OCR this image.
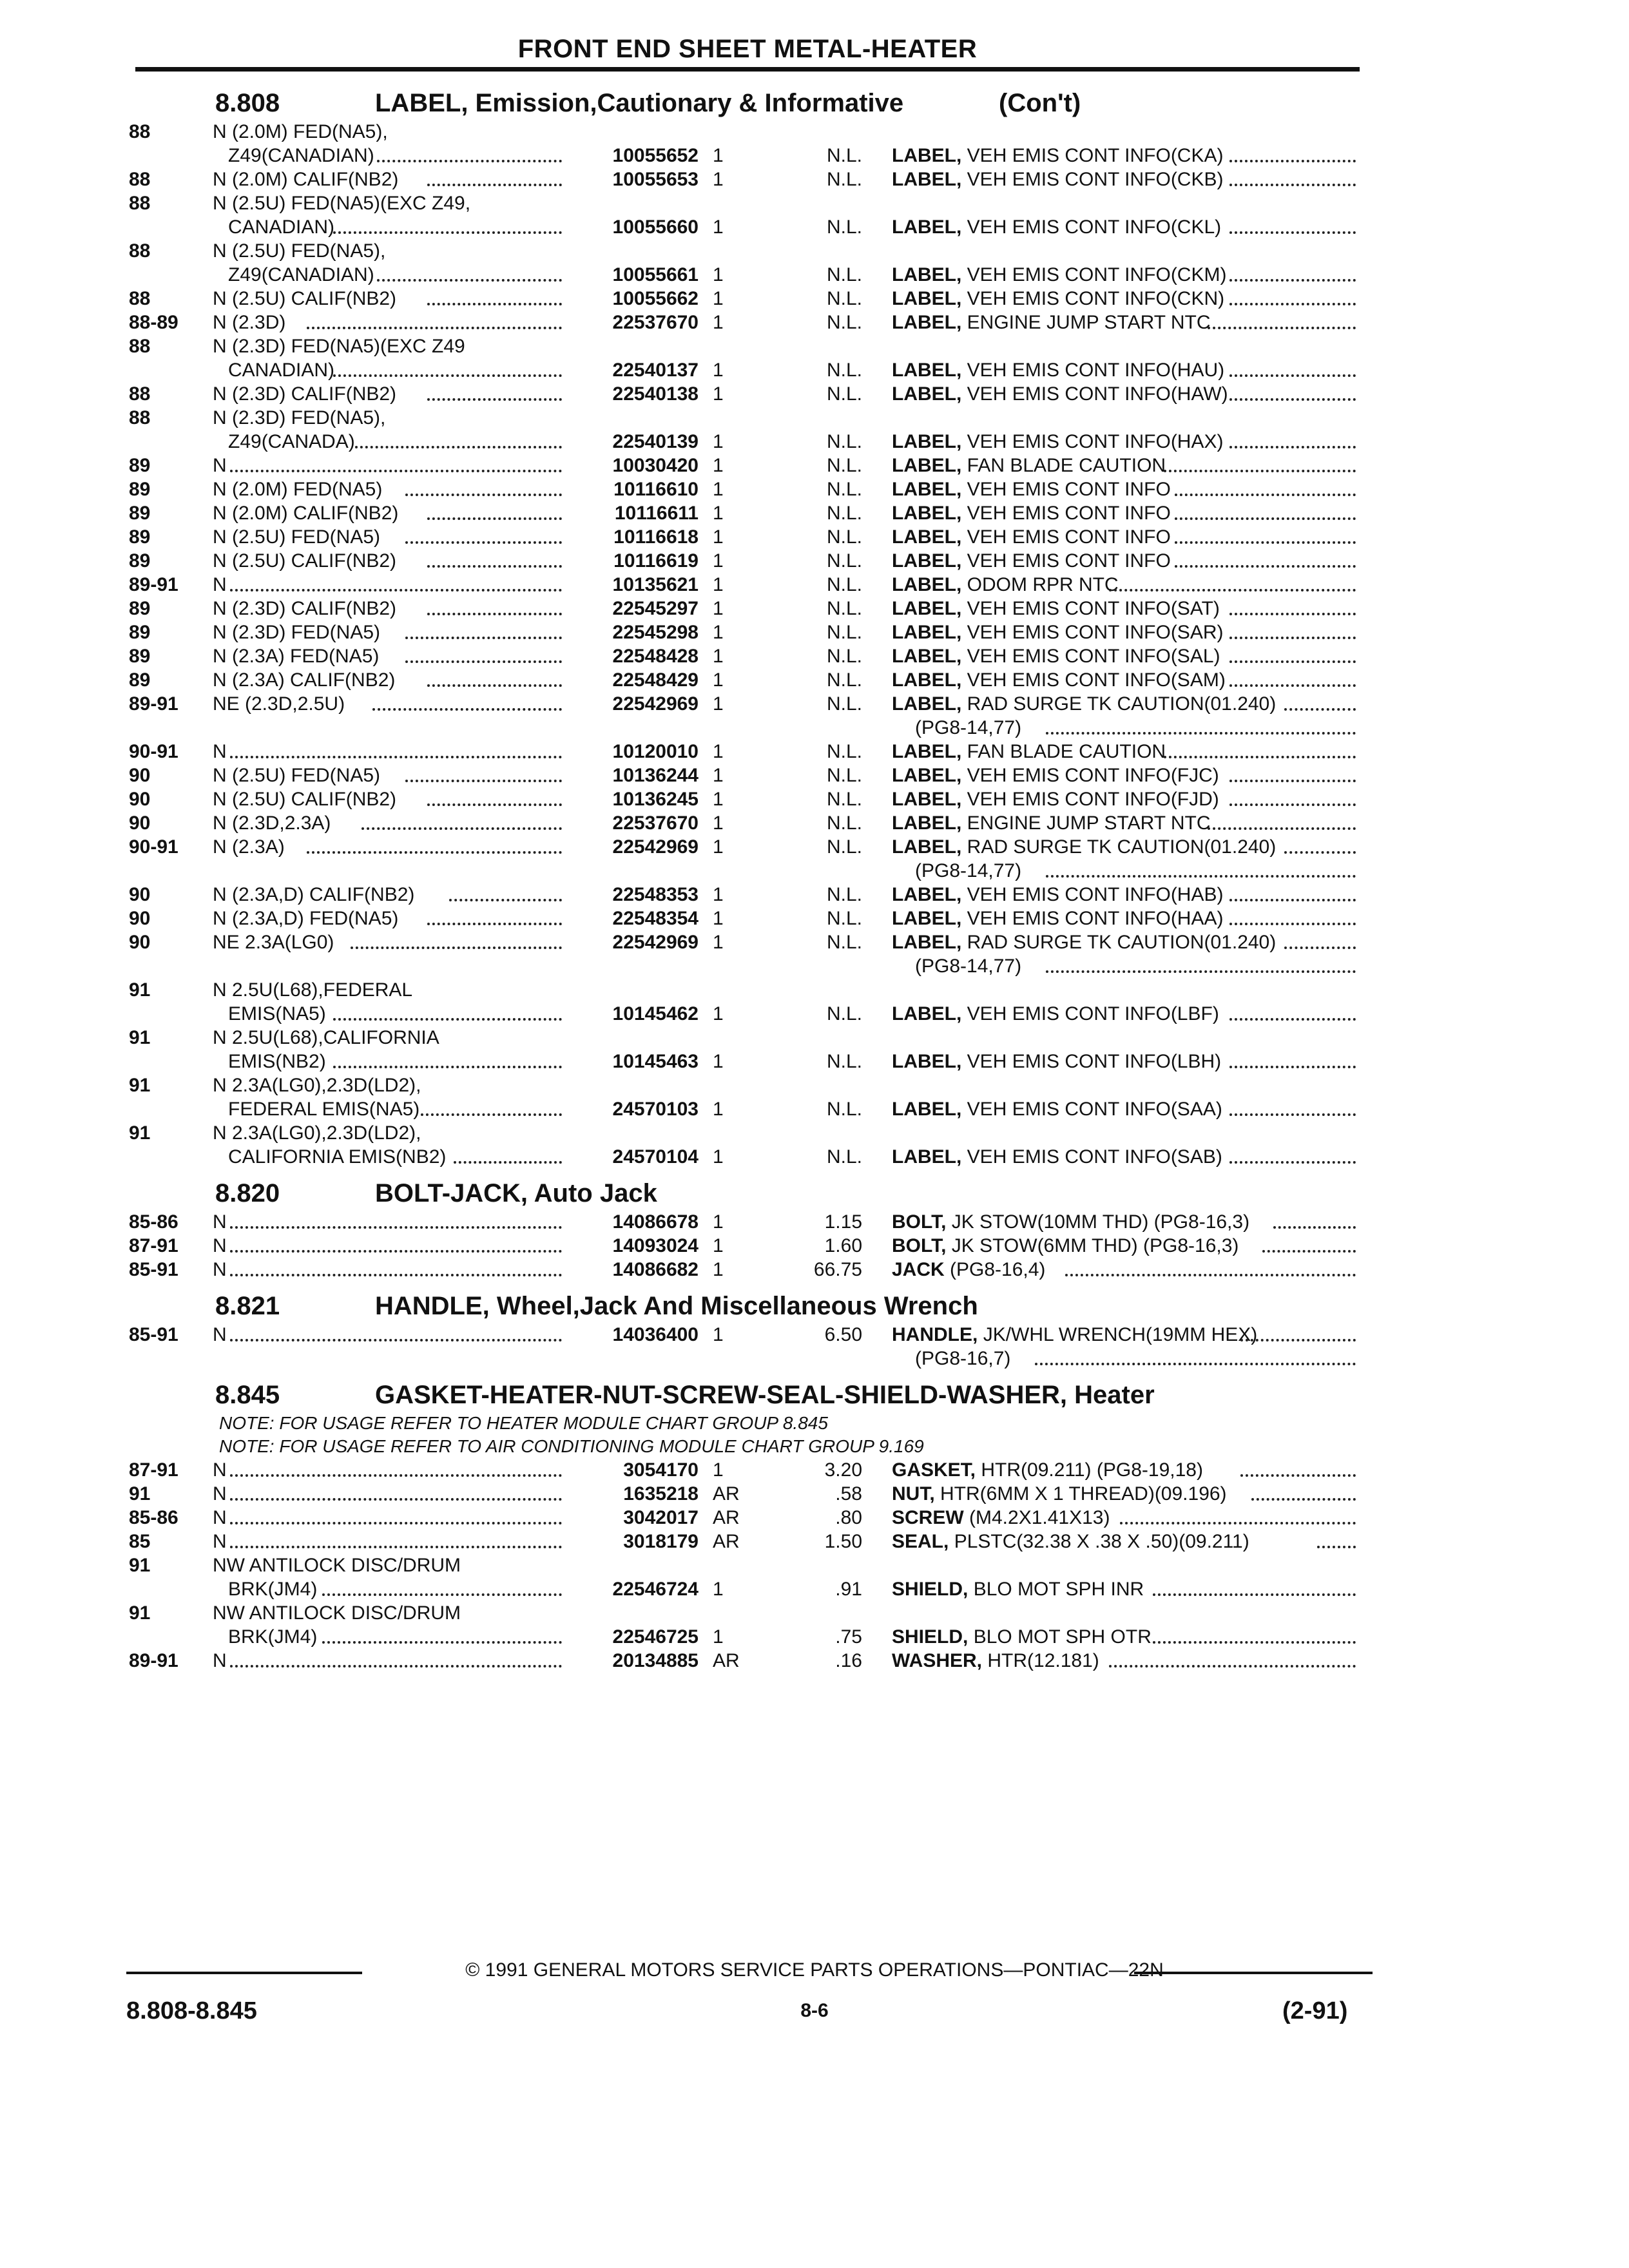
FRONT END SHEET METAL-HEATER
8.808	LABEL, Emission,Cautionary & Informative	(Con't)
88	N (2.0M) FED(NA5),
Z49(CANADIAN)	10055652 1	N.L. LABEL, VEH EMIS CONT INFO(CKA)
88	N (2.0M) CALIF(NB2)	10055653 1	N.L. LABEL, VEH EMIS CONT INFO(CKB)
88	N (2.5U) FED(NA5)(EXC Z49,
CANADIAN)	10055660 1	N.L. LABEL, VEH EMIS CONT INFO(CKL)
88	N (2.5U) FED(NA5),
Z49(CANADIAN)	10055661 1	N.L. LABEL, VEH EMIS CONT INFO(CKM)
88	N (2.5U) CALIF(NB2)	10055662 1	N.L. LABEL, VEH EMIS CONT INFO(CKN)
88-89 N (2.3D)	22537670 1	N.L. LABEL, ENGINE JUMP START NTC
88	N (2.3D) FED(NA5)(EXC Z49
CANADIAN)	22540137 1	N.L. LABEL, VEH EMIS CONT INFO(HAU)
88	N (2.3D) CALIF(NB2)	22540138 1	N.L. LABEL, VEH EMIS CONT INFO(HAW)
88	N (2.3D) FED(NA5),
Z49(CANADA)	22540139 1	N.L. LABEL, VEH EMIS CONT INFO(HAX)
89	N	10030420 1	N.L. LABEL, FAN BLADE CAUTION
89	N (2.0M) FED(NA5)	10116610 1	N.L. LABEL, VEH EMIS CONT INFO
89	N (2.0M) CALIF(NB2)	10116611 1	N.L. LABEL, VEH EMIS CONT INFO
89	N (2.5U) FED(NA5)	10116618 1	N.L. LABEL, VEH EMIS CONT INFO
89	N (2.5U) CALIF(NB2)	10116619 1	N.L. LABEL, VEH EMIS CONT INFO
89-91 N	10135621 1	N.L. LABEL, ODOM RPR NTC
89	N (2.3D) CALIF(NB2)	22545297 1	N.L. LABEL, VEH EMIS CONT INFO(SAT)
89	N (2.3D) FED(NA5)	22545298 1	N.L. LABEL, VEH EMIS CONT INFO(SAR)
89	N (2.3A) FED(NA5)	22548428 1	N.L. LABEL, VEH EMIS CONT INFO(SAL)
89	N (2.3A) CALIF(NB2)	22548429 1	N.L. LABEL, VEH EMIS CONT INFO(SAM)
89-91 NE (2.3D,2.5U)	22542969 1	N.L. LABEL, RAD SURGE TK CAUTION(01.240)
(PG8-14,77)
90-91 N	10120010 1	N.L. LABEL, FAN BLADE CAUTION
90	N (2.5U) FED(NA5)	10136244 1	N.L. LABEL, VEH EMIS CONT INFO(FJC)
90	N (2.5U) CALIF(NB2)	10136245 1	N.L. LABEL, VEH EMIS CONT INFO(FJD)
90	N (2.3D,2.3A)	22537670 1	N.L. LABEL, ENGINE JUMP START NTC
90-91 N (2.3A)	22542969 1	N.L. LABEL, RAD SURGE TK CAUTION(01.240)
(PG8-14,77)
90	N (2.3A,D) CALIF(NB2)	22548353 1	N.L. LABEL, VEH EMIS CONT INFO(HAB)
90	N (2.3A,D) FED(NA5)	22548354 1	N.L. LABEL, VEH EMIS CONT INFO(HAA)
90	NE 2.3A(LG0)	22542969 1	N.L. LABEL, RAD SURGE TK CAUTION(01.240)
(PG8-14,77)
91	N 2.5U(L68),FEDERAL
EMIS(NA5)	10145462 1	N.L. LABEL, VEH EMIS CONT INFO(LBF)
91	N 2.5U(L68),CALIFORNIA
EMIS(NB2)	10145463 1	N.L. LABEL, VEH EMIS CONT INFO(LBH)
91	N 2.3A(LG0),2.3D(LD2),
FEDERAL EMIS(NA5)	24570103 1	N.L. LABEL, VEH EMIS CONT INFO(SAA)
91	N 2.3A(LG0),2.3D(LD2),
CALIFORNIA EMIS(NB2)	24570104 1	N.L. LABEL, VEH EMIS CONT INFO(SAB)
8.820	BOLT-JACK, Auto Jack
85-86 N	14086678 1	1.15 BOLT, JK STOW(10MM THD) (PG8-16,3)
87-91 N	14093024 1	1.60 BOLT, JK STOW(6MM THD) (PG8-16,3)
85-91 N	14086682 1	66.75 JACK (PG8-16,4)
8.821	HANDLE, Wheel,Jack And Miscellaneous Wrench
85-91 N	14036400 1	6.50 HANDLE, JK/WHL WRENCH(19MM HEX)
(PG8-16,7)
8.845	GASKET-HEATER-NUT-SCREW-SEAL-SHIELD-WASHER, Heater
NOTE: FOR USAGE REFER TO HEATER MODULE CHART GROUP 8.845
NOTE: FOR USAGE REFER TO AIR CONDITIONING MODULE CHART GROUP 9.169
87-91 N	3054170 1	3.20 GASKET, HTR(09.211) (PG8-19,18)
91	N	1635218 AR	.58 NUT, HTR(6MM X 1 THREAD)(09.196)
85-86 N	3042017 AR	.80 SCREW (M4.2X1.41X13)
85	N	3018179 AR	1.50 SEAL, PLSTC(32.38 X .38 X .50)(09.211)
91	NW ANTILOCK DISC/DRUM
BRK(JM4)	22546724 1	.91 SHIELD, BLO MOT SPH INR
91	NW ANTILOCK DISC/DRUM
BRK(JM4)	22546725 1	.75 SHIELD, BLO MOT SPH OTR
89-91 N	20134885 AR	.16 WASHER, HTR(12.181)
© 1991 GENERAL MOTORS SERVICE PARTS OPERATIONS—PONTIAC—22N
8.808-8.845	8-6	(2-91)
